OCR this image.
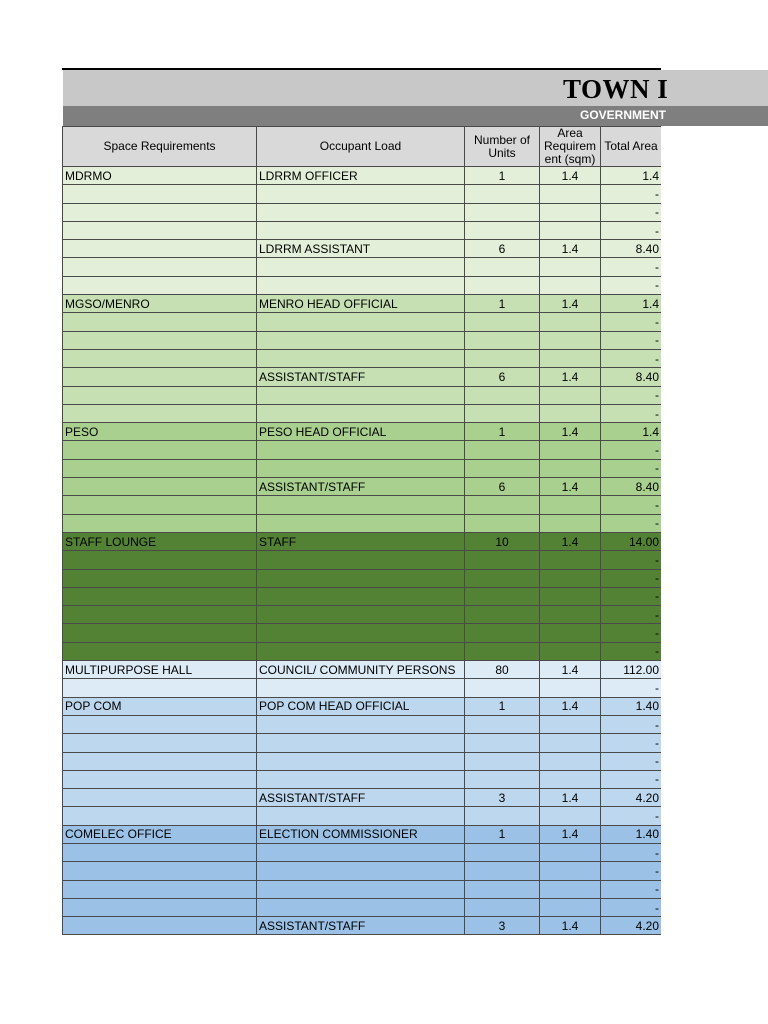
TOWN I
GOVERNMENT
Space Requirements	Occupant Load	Number of Units	Area Requirem ent (sqm)	Total Area
MDRMO	LDRRM OFFICER	1	1.4	1.4
				-
				-
				-
	LDRRM ASSISTANT	6	1.4	8.40
				-
				-
MGSO/MENRO	MENRO HEAD OFFICIAL	1	1.4	1.4
				-
				-
				-
	ASSISTANT/STAFF	6	1.4	8.40
				-
				-
PESO	PESO HEAD OFFICIAL	1	1.4	1.4
				-
				-
	ASSISTANT/STAFF	6	1.4	8.40
				-
				-
STAFF LOUNGE	STAFF	10	1.4	14.00
				-
				-
				-
				-
				-
				-
MULTIPURPOSE HALL	COUNCIL/ COMMUNITY PERSONS	80	1.4	112.00
				-
POP COM	POP COM HEAD OFFICIAL	1	1.4	1.40
				-
				-
				-
				-
	ASSISTANT/STAFF	3	1.4	4.20
				-
COMELEC OFFICE	ELECTION COMMISSIONER	1	1.4	1.40
				-
				-
				-
				-
	ASSISTANT/STAFF	3	1.4	4.20
